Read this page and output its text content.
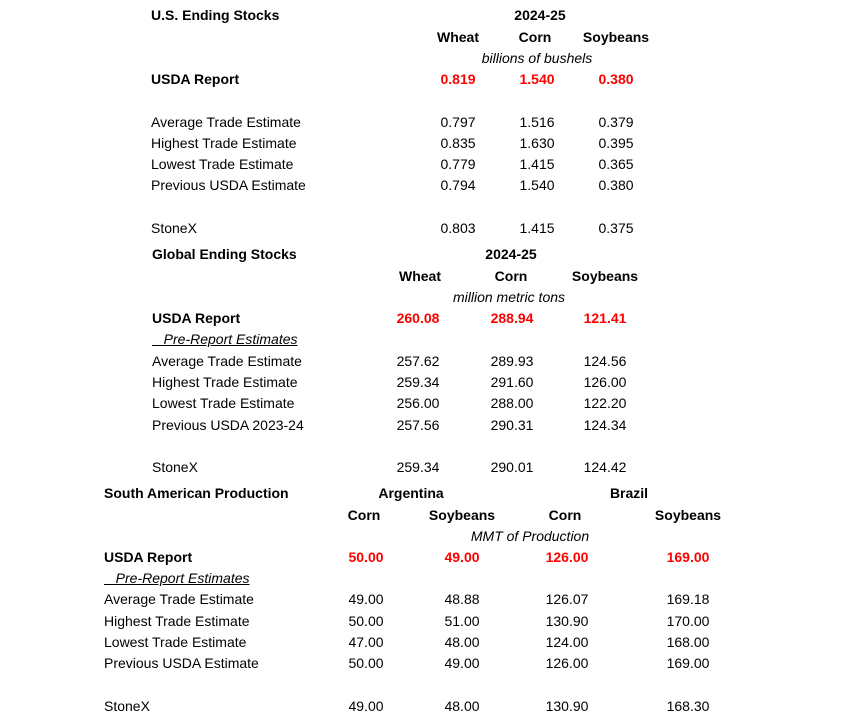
U.S. Ending Stocks	2024-25
Wheat	Corn Soybeans
billions of bushels
USDA Report	0.819	1.540	0.380
Average Trade Estimate	0.797	1.516	0.379
Highest Trade Estimate	0.835	1.630	0.395
Lowest Trade Estimate	0.779	1.415	0.365
Previous USDA Estimate	0.794	1.540	0.380
StoneX	0.803	1.415	0.375
Global Ending Stocks	2024-25
Wheat	Corn	Soybeans
million metric tons
USDA Report	260.08	288.94	121.41
Pre-Report Estimates
Average Trade Estimate	257.62	289.93	124.56
Highest Trade Estimate	259.34	291.60	126.00
Lowest Trade Estimate	256.00	288.00	122.20
Previous USDA 2023-24	257.56	290.31	124.34
StoneX	259.34	290.01	124.42
South American Production	Argentina	Brazil
Corn	Soybeans	Corn	Soybeans
MMT of Production
USDA Report	50.00	49.00	126.00	169.00
Pre-Report Estimates
Average Trade Estimate	49.00	48.88	126.07	169.18
Highest Trade Estimate	50.00	51.00	130.90	170.00
Lowest Trade Estimate	47.00	48.00	124.00	168.00
Previous USDA Estimate	50.00	49.00	126.00	169.00
StoneX	49.00	48.00	130.90	168.30
